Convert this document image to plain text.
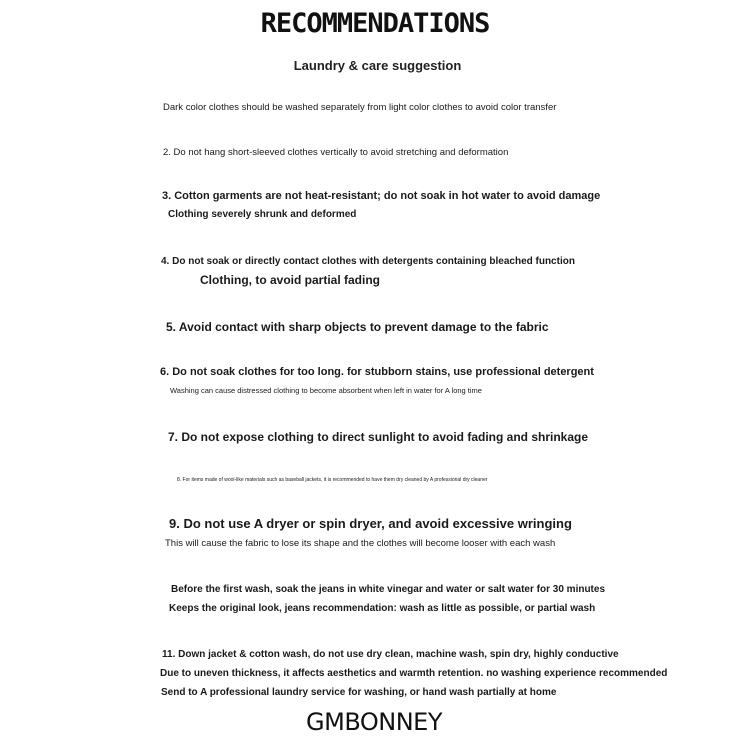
RECOMMENDATIONS
Laundry & care suggestion
Dark color clothes should be washed separately from light color clothes to avoid color transfer
2. Do not hang short-sleeved clothes vertically to avoid stretching and deformation
3. Cotton garments are not heat-resistant; do not soak in hot water to avoid damage
Clothing severely shrunk and deformed
4. Do not soak or directly contact clothes with detergents containing bleached function
Clothing, to avoid partial fading
5. Avoid contact with sharp objects to prevent damage to the fabric
6. Do not soak clothes for too long. for stubborn stains, use professional detergent
Washing can cause distressed clothing to become absorbent when left in water for A long time
7. Do not expose clothing to direct sunlight to avoid fading and shrinkage
8. For items made of wool-like materials such as baseball jackets, it is recommended to have them dry cleaned by A professional dry cleaner
9. Do not use A dryer or spin dryer, and avoid excessive wringing
This will cause the fabric to lose its shape and the clothes will become looser with each wash
Before the first wash, soak the jeans in white vinegar and water or salt water for 30 minutes
Keeps the original look, jeans recommendation: wash as little as possible, or partial wash
11. Down jacket & cotton wash, do not use dry clean, machine wash, spin dry, highly conductive
Due to uneven thickness, it affects aesthetics and warmth retention. no washing experience recommended
Send to A professional laundry service for washing, or hand wash partially at home
GMBONNEY
